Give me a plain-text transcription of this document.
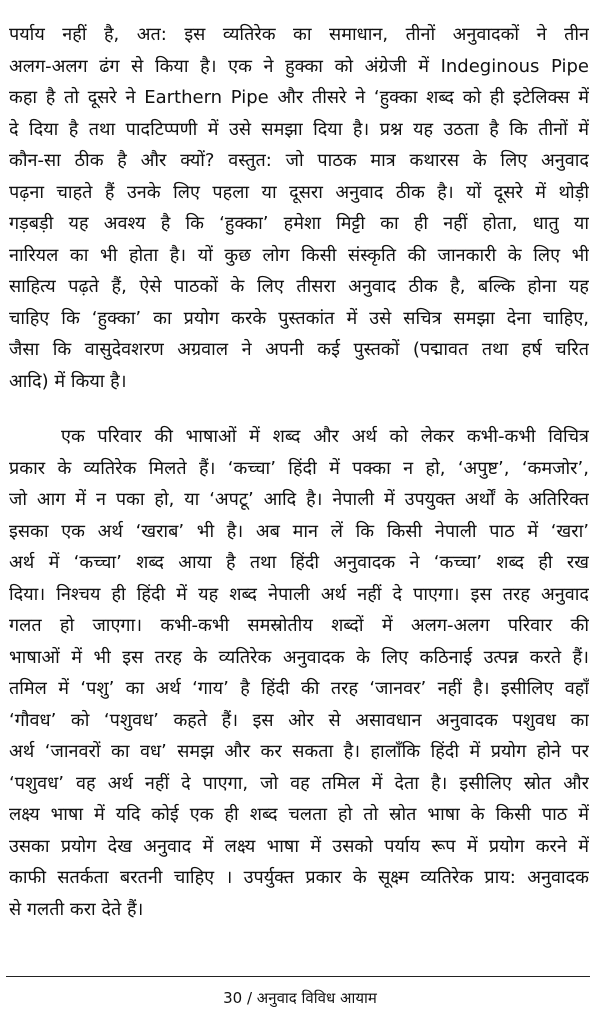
पर्याय नहीं है, अत: इस व्यतिरेक का समाधान, तीनों अनुवादकों ने तीन
अलग-अलग ढंग से किया है। एक ने हुक्का को अंग्रेजी में Indeginous Pipe
कहा है तो दूसरे ने Earthern Pipe और तीसरे ने ‘हुक्का शब्द को ही इटेलिक्स में
दे दिया है तथा पादटिप्पणी में उसे समझा दिया है। प्रश्न यह उठता है कि तीनों में
कौन-सा ठीक है और क्यों? वस्तुत: जो पाठक मात्र कथारस के लिए अनुवाद
पढ़ना चाहते हैं उनके लिए पहला या दूसरा अनुवाद ठीक है। यों दूसरे में थोड़ी
गड़बड़ी यह अवश्य है कि ‘हुक्का’ हमेशा मिट्टी का ही नहीं होता, धातु या
नारियल का भी होता है। यों कुछ लोग किसी संस्कृति की जानकारी के लिए भी
साहित्य पढ़ते हैं, ऐसे पाठकों के लिए तीसरा अनुवाद ठीक है, बल्कि होना यह
चाहिए कि ‘हुक्का’ का प्रयोग करके पुस्तकांत में उसे सचित्र समझा देना चाहिए,
जैसा कि वासुदेवशरण अग्रवाल ने अपनी कई पुस्तकों (पद्मावत तथा हर्ष चरित
आदि) में किया है।
एक परिवार की भाषाओं में शब्द और अर्थ को लेकर कभी-कभी विचित्र
प्रकार के व्यतिरेक मिलते हैं। ‘कच्चा’ हिंदी में पक्का न हो, ‘अपुष्ट’, ‘कमजोर’,
जो आग में न पका हो, या ‘अपटू’ आदि है। नेपाली में उपयुक्त अर्थों के अतिरिक्त
इसका एक अर्थ ‘खराब’ भी है। अब मान लें कि किसी नेपाली पाठ में ‘खरा’
अर्थ में ‘कच्चा’ शब्द आया है तथा हिंदी अनुवादक ने ‘कच्चा’ शब्द ही रख
दिया। निश्चय ही हिंदी में यह शब्द नेपाली अर्थ नहीं दे पाएगा। इस तरह अनुवाद
गलत हो जाएगा। कभी-कभी समस्रोतीय शब्दों में अलग-अलग परिवार की
भाषाओं में भी इस तरह के व्यतिरेक अनुवादक के लिए कठिनाई उत्पन्न करते हैं।
तमिल में ‘पशु’ का अर्थ ‘गाय’ है हिंदी की तरह ‘जानवर’ नहीं है। इसीलिए वहाँ
‘गौवध’ को ‘पशुवध’ कहते हैं। इस ओर से असावधान अनुवादक पशुवध का
अर्थ ‘जानवरों का वध’ समझ और कर सकता है। हालाँकि हिंदी में प्रयोग होने पर
‘पशुवध’ वह अर्थ नहीं दे पाएगा, जो वह तमिल में देता है। इसीलिए स्रोत और
लक्ष्य भाषा में यदि कोई एक ही शब्द चलता हो तो स्रोत भाषा के किसी पाठ में
उसका प्रयोग देख अनुवाद में लक्ष्य भाषा में उसको पर्याय रूप में प्रयोग करने में
काफी सतर्कता बरतनी चाहिए । उपर्युक्त प्रकार के सूक्ष्म व्यतिरेक प्राय: अनुवादक
से गलती करा देते हैं।
30 / अनुवाद विविध आयाम
